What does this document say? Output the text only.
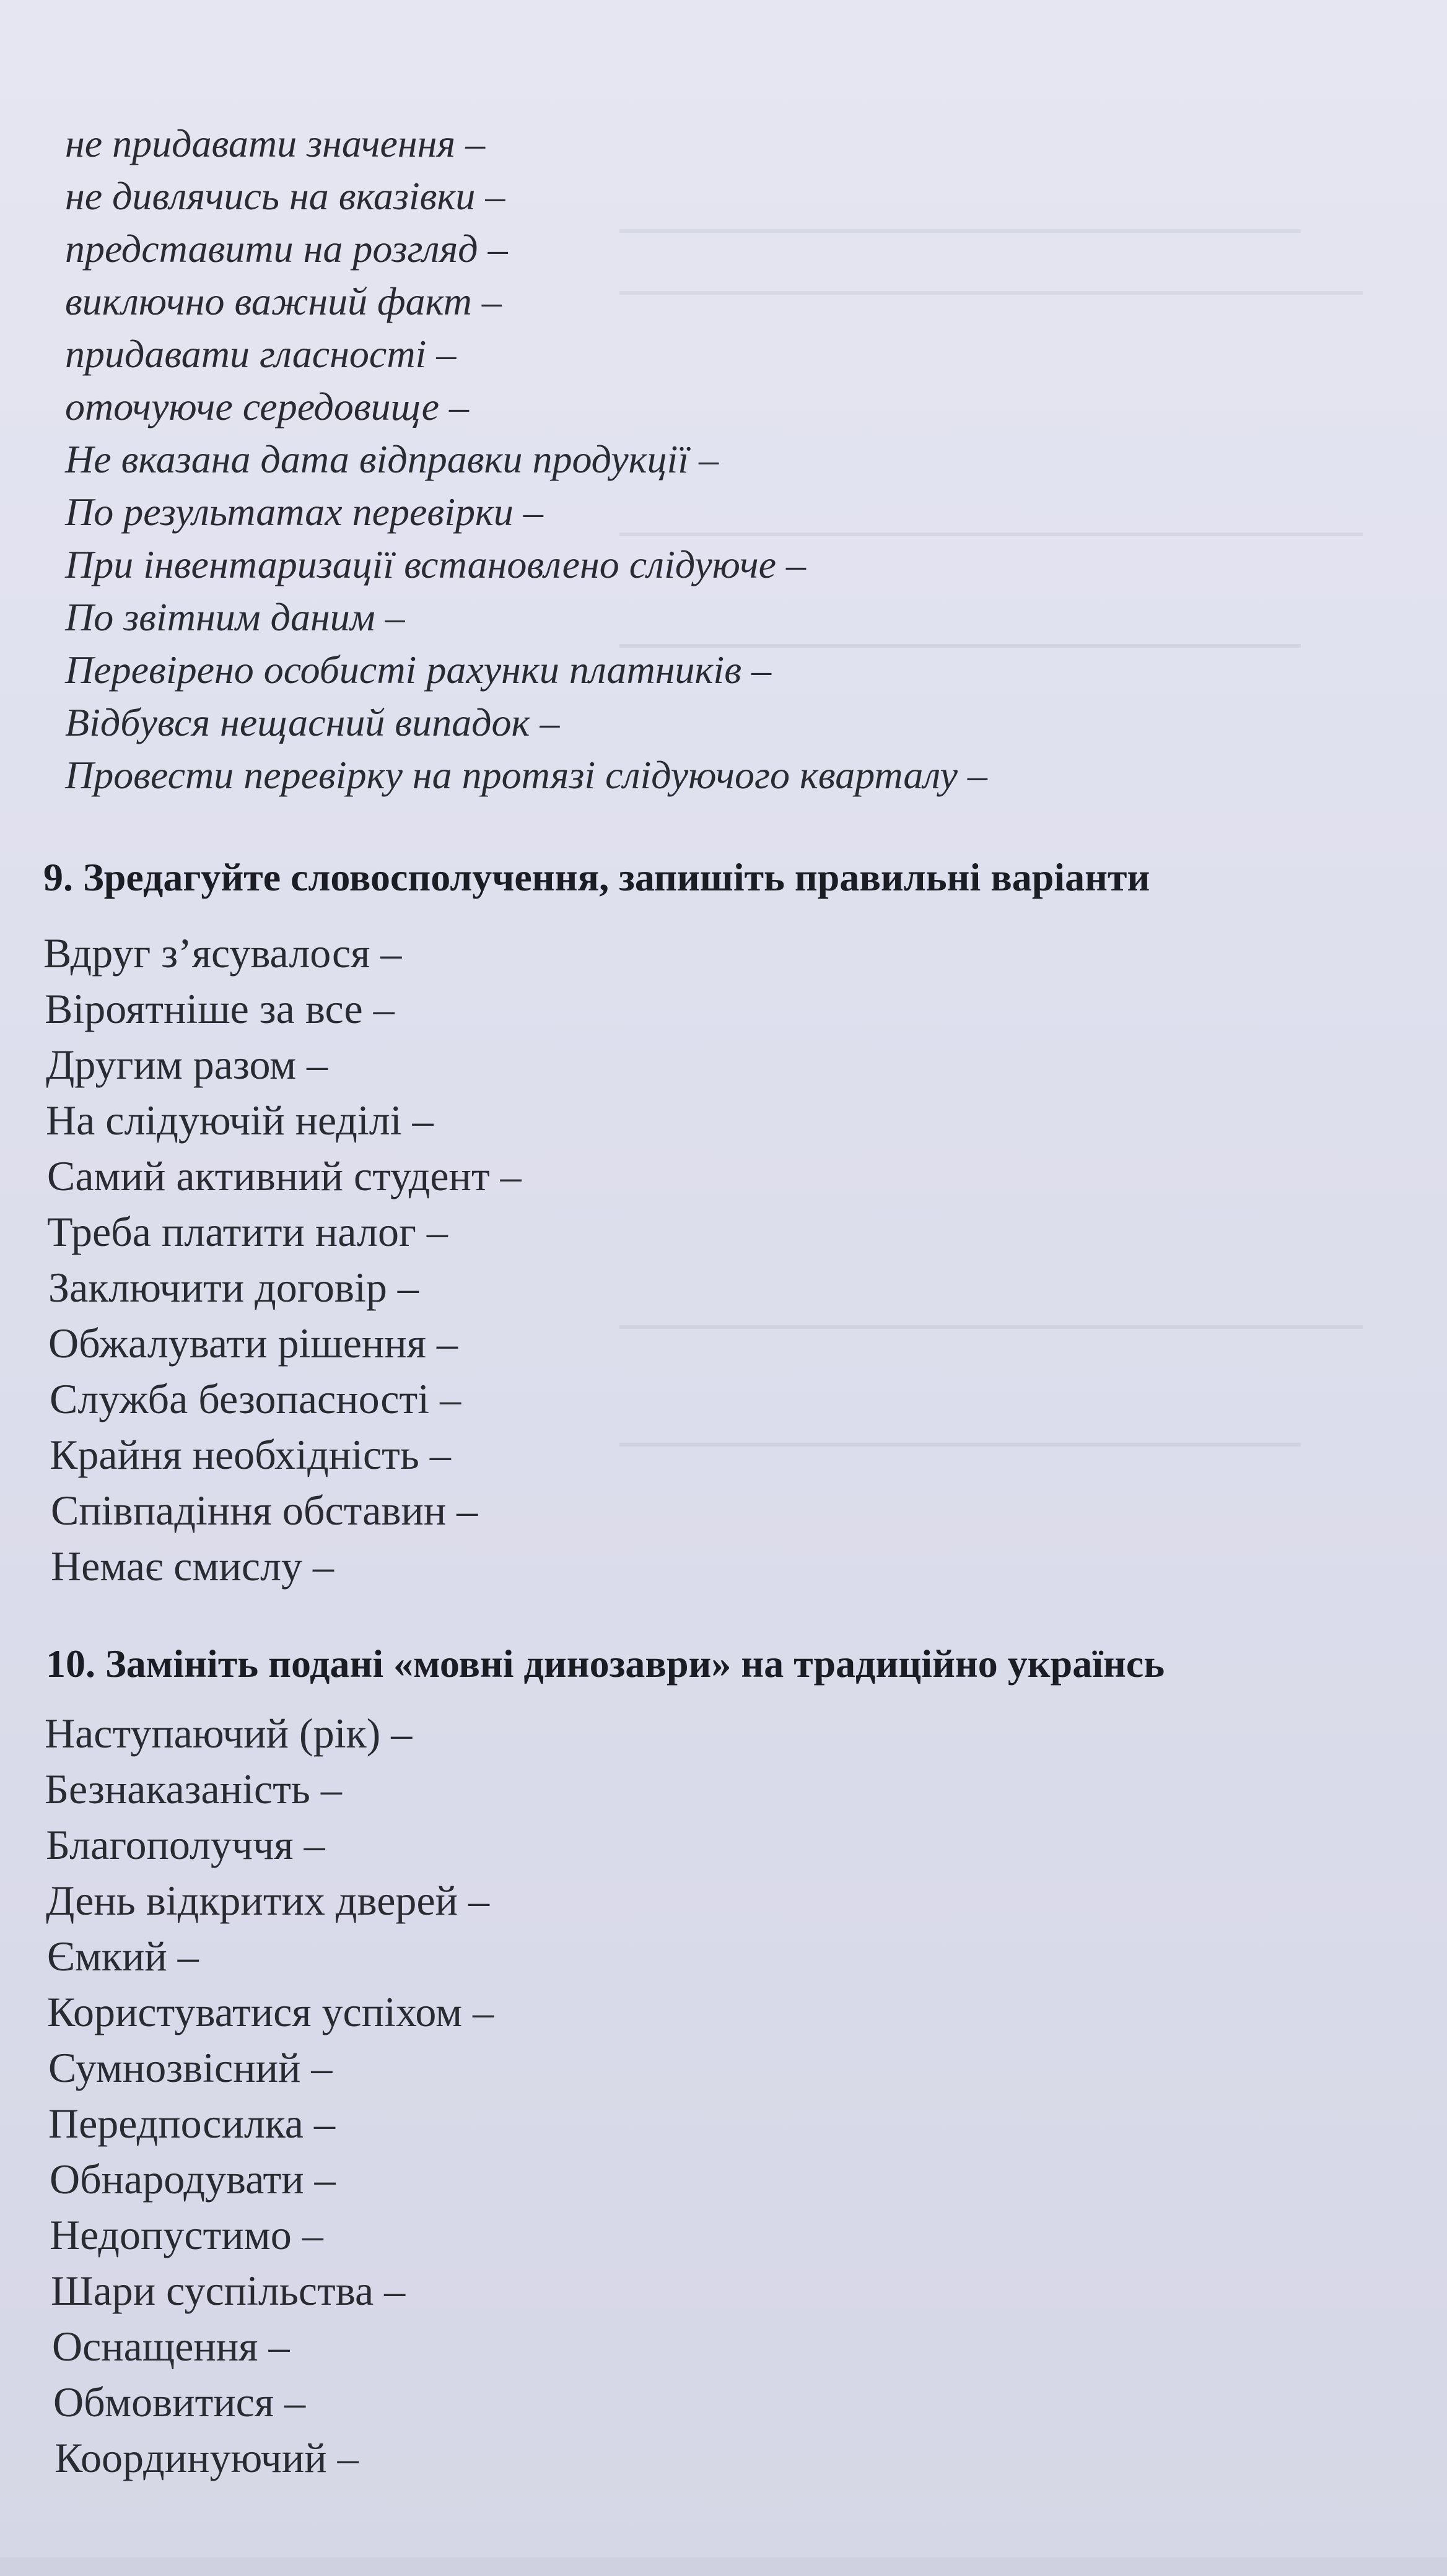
не придавати значення –
не дивлячись на вказівки –
представити на розгляд –
виключно важний факт –
придавати гласності –
оточуюче середовище –
Не вказана дата відправки продукції –
По результатах перевірки –
При інвентаризації встановлено слідуюче –
По звітним даним –
Перевірено особисті рахунки платників –
Відбувся нещасний випадок –
Провести перевірку на протязі слідуючого кварталу –
9. Зредагуйте словосполучення, запишіть правильні варіанти
Вдруг з’ясувалося –
Віроятніше за все –
Другим разом –
На слідуючій неділі –
Самий активний студент –
Треба платити налог –
Заключити договір –
Обжалувати рішення –
Служба безопасності –
Крайня необхідність –
Співпадіння обставин –
Немає смислу –
10. Замініть подані «мовні динозаври» на традиційно українсь
Наступаючий (рік) –
Безнаказаність –
Благополуччя –
День відкритих дверей –
Ємкий –
Користуватися успіхом –
Сумнозвісний –
Передпосилка –
Обнародувати –
Недопустимо –
Шари суспільства –
Оснащення –
Обмовитися –
Координуючий –
